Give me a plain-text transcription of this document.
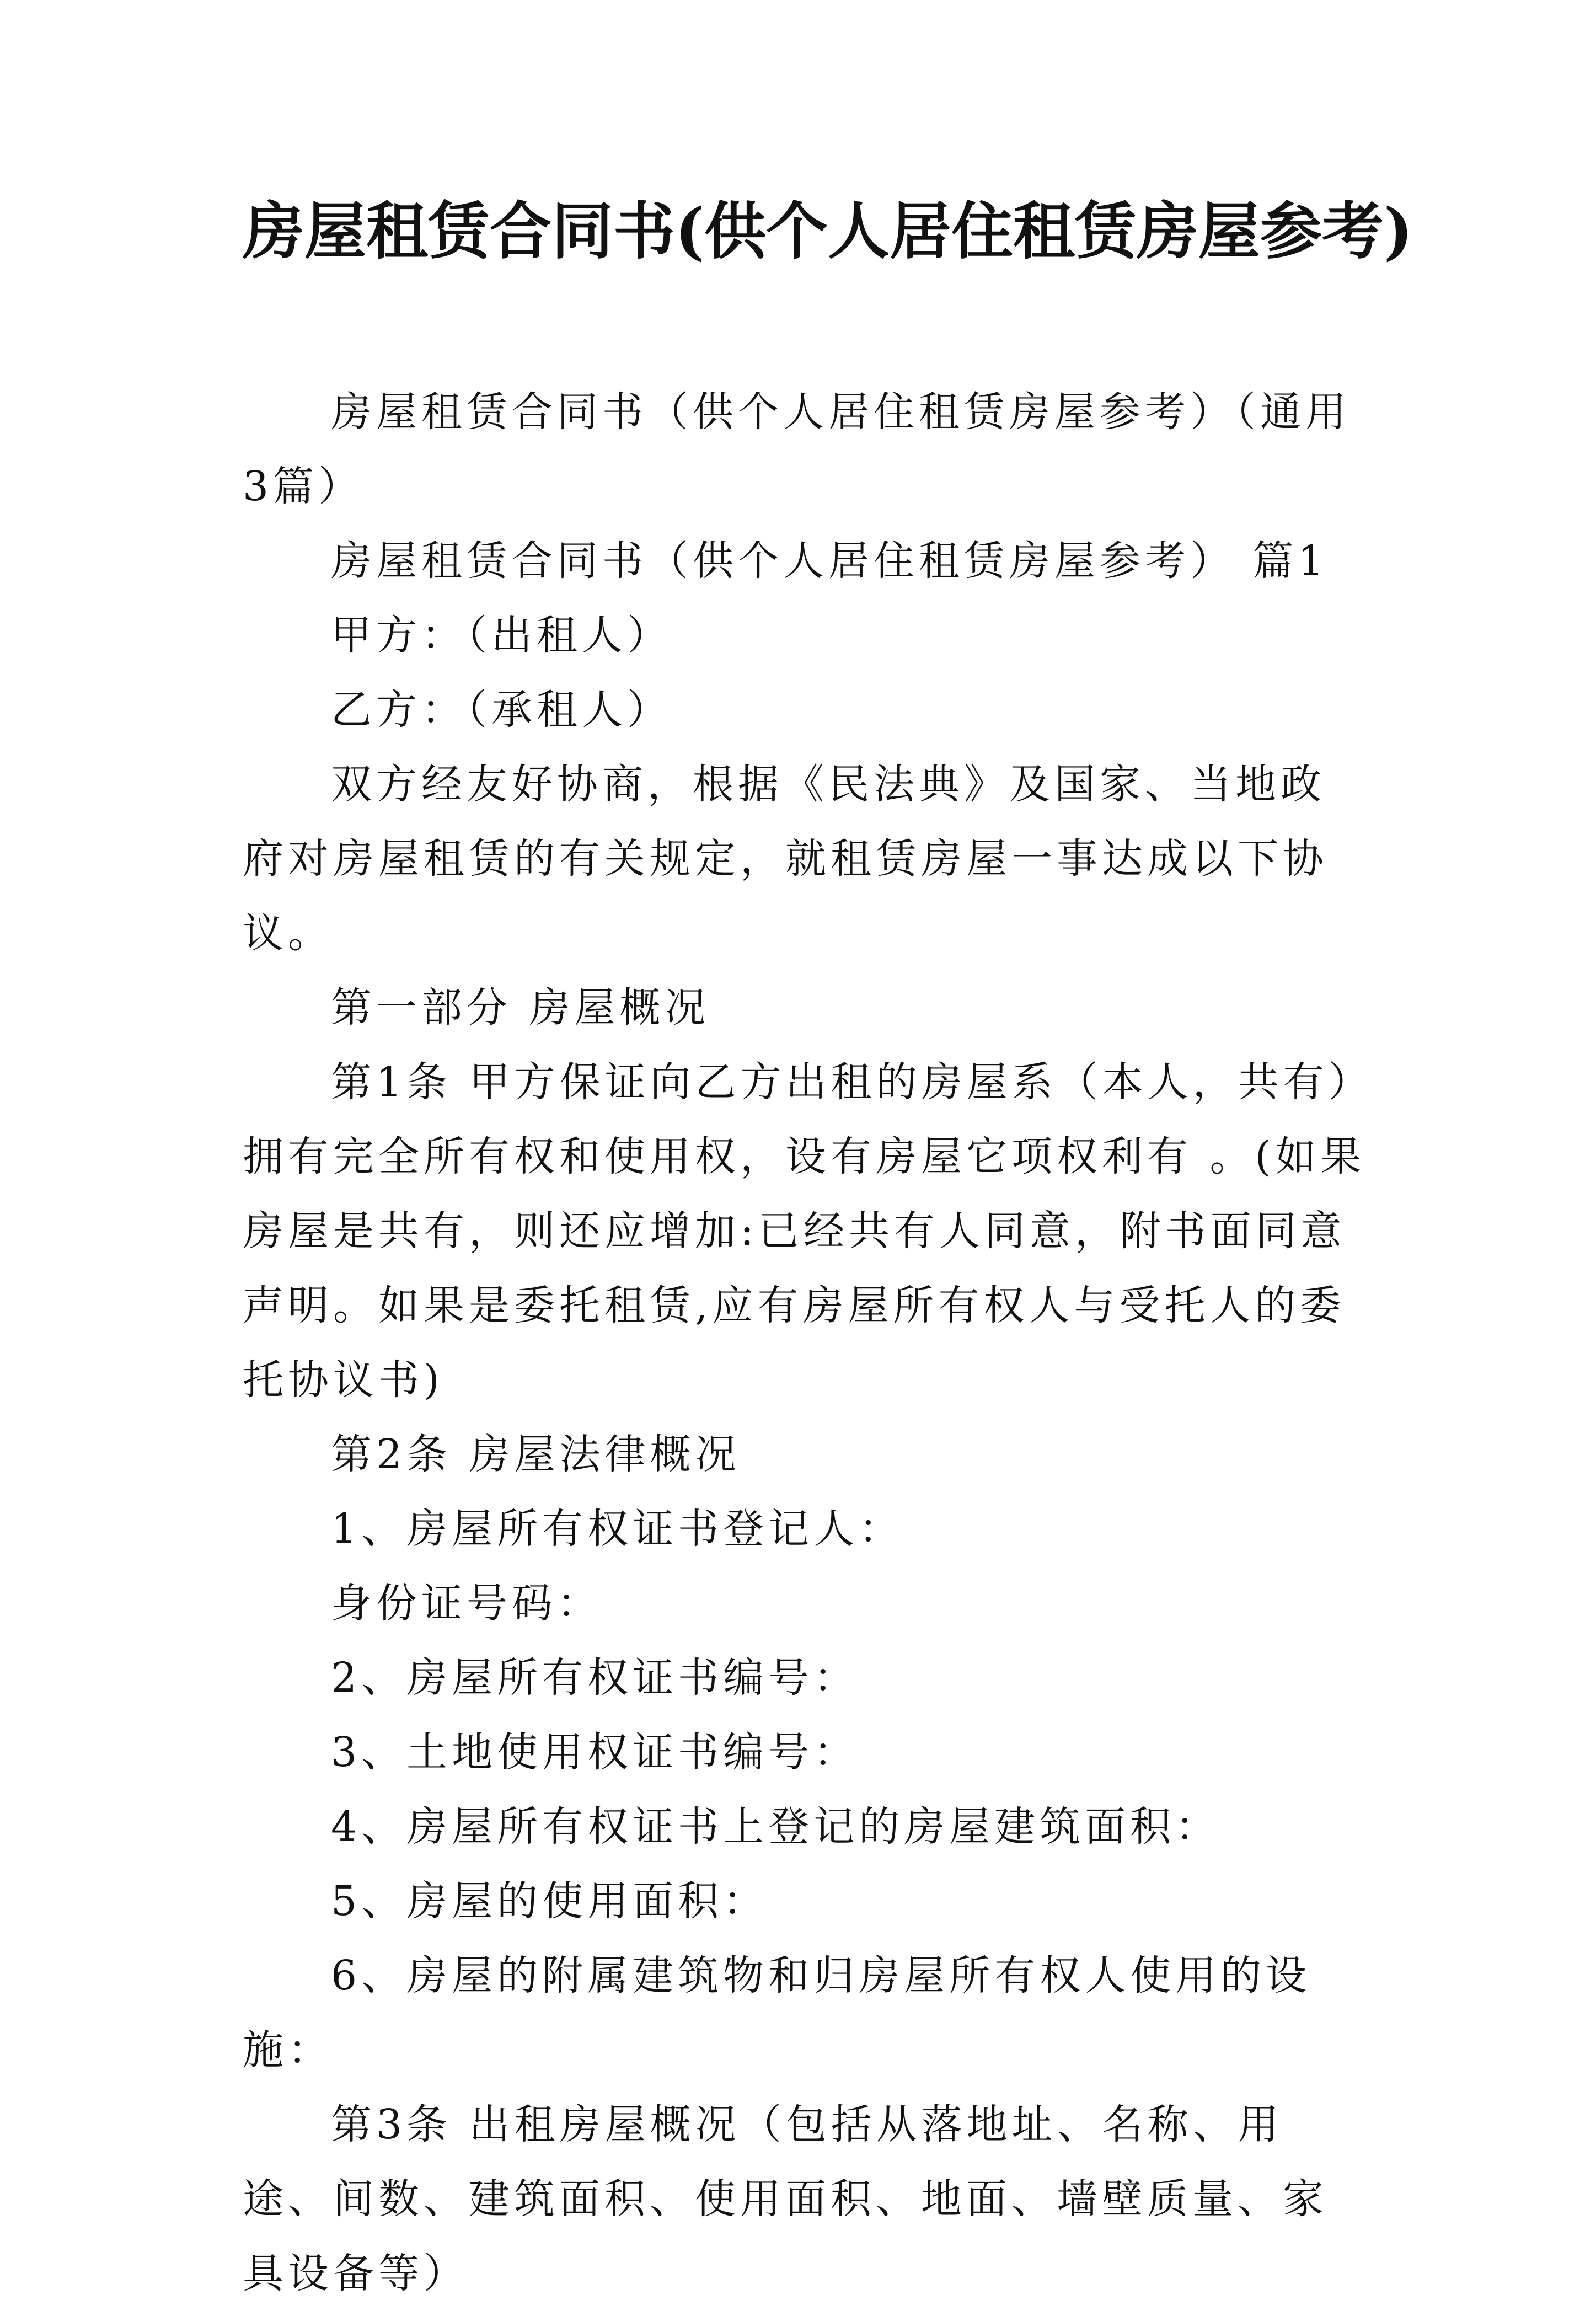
房屋租赁合同书(供个人居住租赁房屋参考)

房屋租赁合同书（供个人居住租赁房屋参考）（通用3篇）

房屋租赁合同书（供个人居住租赁房屋参考） 篇1

甲方：（出租人）

乙方：（承租人）

双方经友好协商，根据《民法典》及国家、当地政府对房屋租赁的有关规定，就租赁房屋一事达成以下协议。

第一部分 房屋概况

第1条 甲方保证向乙方出租的房屋系（本人，共有）拥有完全所有权和使用权，设有房屋它项权利有 。(如果房屋是共有，则还应增加:已经共有人同意，附书面同意声明。如果是委托租赁,应有房屋所有权人与受托人的委托协议书)

第2条 房屋法律概况

1、房屋所有权证书登记人：

身份证号码：

2、房屋所有权证书编号：

3、土地使用权证书编号：

4、房屋所有权证书上登记的房屋建筑面积：

5、房屋的使用面积：

6、房屋的附属建筑物和归房屋所有权人使用的设施：

第3条 出租房屋概况（包括从落地址、名称、用途、间数、建筑面积、使用面积、地面、墙壁质量、家具设备等）
